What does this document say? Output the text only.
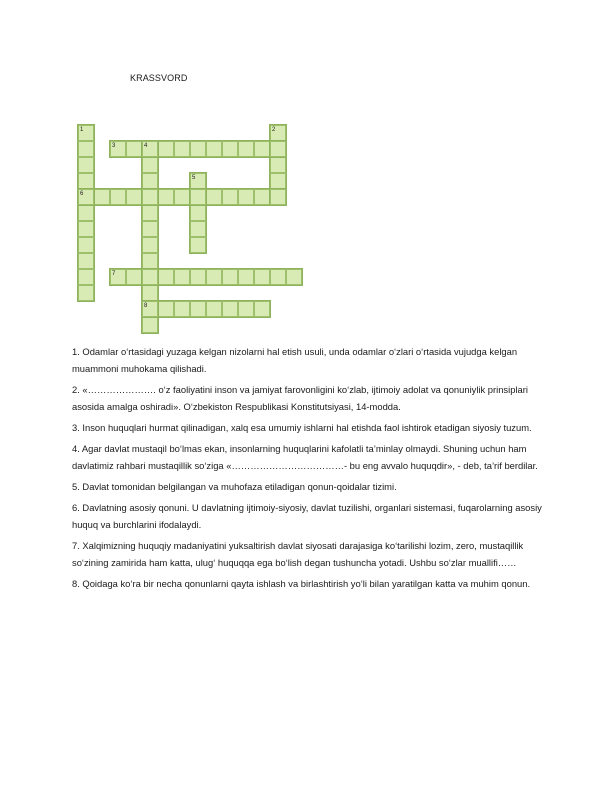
KRASSVORD
1	2
3	4
5
6
7
8

1. Odamlar o‘rtasidagi yuzaga kelgan nizolarni hal etish usuli, unda odamlar o‘zlari o‘rtasida vujudga kelgan muammoni muhokama qilishadi.

2. «…………………. o‘z faoliyatini inson va jamiyat farovonligini ko‘zlab, ijtimoiy adolat va qonuniylik prinsiplari asosida amalga oshiradi». O‘zbekiston Respublikasi Konstitutsiyasi, 14-modda.

3. Inson huquqlari hurmat qilinadigan, xalq esa umumiy ishlarni hal etishda faol ishtirok etadigan siyosiy tuzum.

4. Agar davlat mustaqil bo‘lmas ekan, insonlarning huquqlarini kafolatli ta’minlay olmaydi. Shuning uchun ham davlatimiz rahbari mustaqillik so‘ziga «………………………………- bu eng avvalo huquqdir», - deb, ta’rif berdilar.

5. Davlat tomonidan belgilangan va muhofaza etiladigan qonun-qoidalar tizimi.

6. Davlatning asosiy qonuni. U davlatning ijtimoiy-siyosiy, davlat tuzilishi, organlari sistemasi, fuqarolarning asosiy huquq va burchlarini ifodalaydi.

7. Xalqimizning huquqiy madaniyatini yuksaltirish davlat siyosati darajasiga ko‘tarilishi lozim, zero, mustaqillik so‘zining zamirida ham katta, ulug‘ huquqqa ega bo‘lish degan tushuncha yotadi. Ushbu so‘zlar muallifi……

8. Qoidaga ko‘ra bir necha qonunlarni qayta ishlash va birlashtirish yo‘li bilan yaratilgan katta va muhim qonun.
